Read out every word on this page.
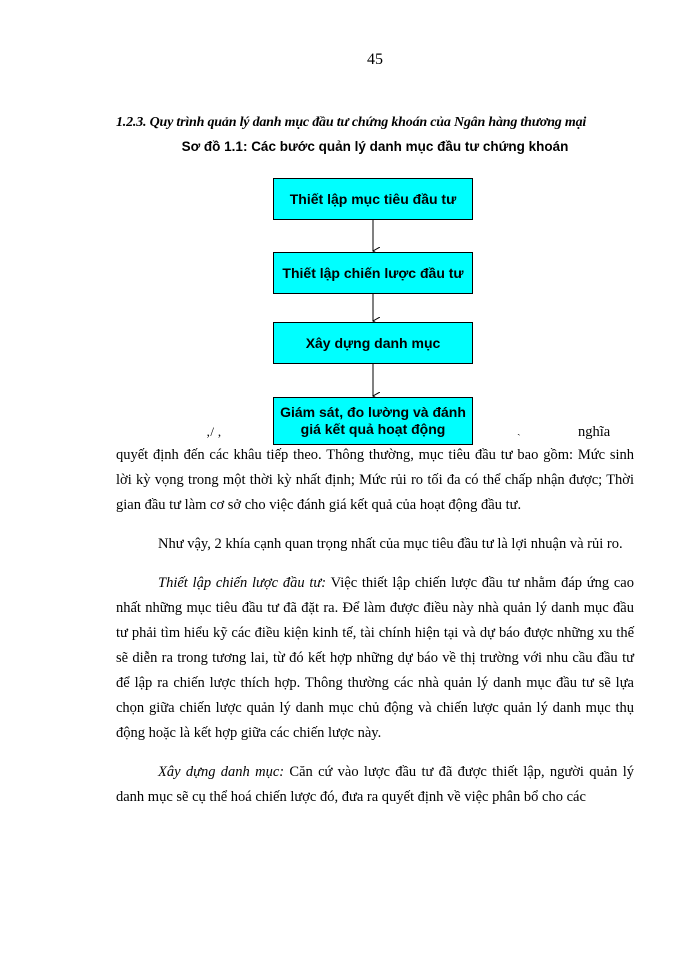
45
1.2.3. Quy trình quản lý danh mục đầu tư chứng khoán của Ngân hàng thương mại
Sơ đồ 1.1: Các bước quản lý danh mục đầu tư chứng khoán
‚/ ‚	ˏ	nghĩa

quyết định đến các khâu tiếp theo. Thông thường, mục tiêu đầu tư bao gồm: Mức sinh lời kỳ vọng trong một thời kỳ nhất định; Mức rủi ro tối đa có thể chấp nhận được; Thời gian đầu tư làm cơ sở cho việc đánh giá kết quả của hoạt động đầu tư.

Như vậy, 2 khía cạnh quan trọng nhất của mục tiêu đầu tư là lợi nhuận và rủi ro.

Thiết lập chiến lược đầu tư: Việc thiết lập chiến lược đầu tư nhằm đáp ứng cao nhất những mục tiêu đầu tư đã đặt ra. Để làm được điều này nhà quản lý danh mục đầu tư phải tìm hiểu kỹ các điều kiện kinh tế, tài chính hiện tại và dự báo được những xu thế sẽ diễn ra trong tương lai, từ đó kết hợp những dự báo về thị trường với nhu cầu đầu tư để lập ra chiến lược thích hợp. Thông thường các nhà quản lý danh mục đầu tư sẽ lựa chọn giữa chiến lược quản lý danh mục chủ động và chiến lược quản lý danh mục thụ động hoặc là kết hợp giữa các chiến lược này.

Xây dựng danh mục: Căn cứ vào lược đầu tư đã được thiết lập, người quản lý danh mục sẽ cụ thể hoá chiến lược đó, đưa ra quyết định về việc phân bổ cho các

Thiết lập mục tiêu đầu tư
Thiết lập chiến lược đầu tư
Xây dựng danh mục
Giám sát, đo lường và đánh giá kết quả hoạt động
